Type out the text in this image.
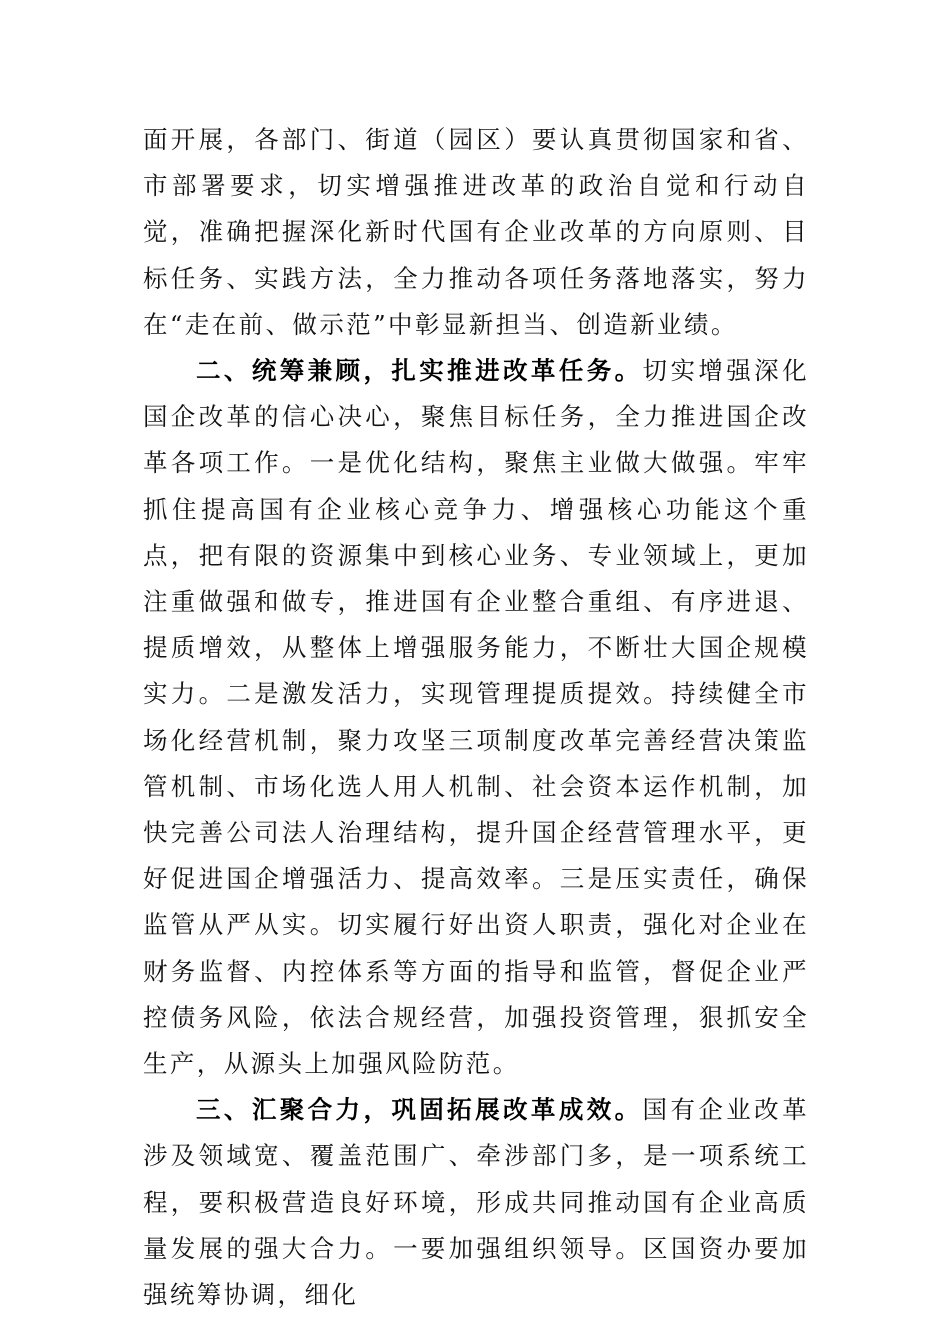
面开展，各部门、街道（园区）要认真贯彻国家和省、市部署要求，切实增强推进改革的政治自觉和行动自觉，准确把握深化新时代国有企业改革的方向原则、目标任务、实践方法，全力推动各项任务落地落实，努力在“走在前、做示范”中彰显新担当、创造新业绩。

二、统筹兼顾，扎实推进改革任务。切实增强深化国企改革的信心决心，聚焦目标任务，全力推进国企改革各项工作。一是优化结构，聚焦主业做大做强。牢牢抓住提高国有企业核心竞争力、增强核心功能这个重点，把有限的资源集中到核心业务、专业领域上，更加注重做强和做专，推进国有企业整合重组、有序进退、提质增效，从整体上增强服务能力，不断壮大国企规模实力。二是激发活力，实现管理提质提效。持续健全市场化经营机制，聚力攻坚三项制度改革完善经营决策监管机制、市场化选人用人机制、社会资本运作机制，加快完善公司法人治理结构，提升国企经营管理水平，更好促进国企增强活力、提高效率。三是压实责任，确保监管从严从实。切实履行好出资人职责，强化对企业在财务监督、内控体系等方面的指导和监管，督促企业严控债务风险，依法合规经营，加强投资管理，狠抓安全生产，从源头上加强风险防范。

三、汇聚合力，巩固拓展改革成效。国有企业改革涉及领域宽、覆盖范围广、牵涉部门多，是一项系统工程，要积极营造良好环境，形成共同推动国有企业高质量发展的强大合力。一要加强组织领导。区国资办要加强统筹协调，细化
